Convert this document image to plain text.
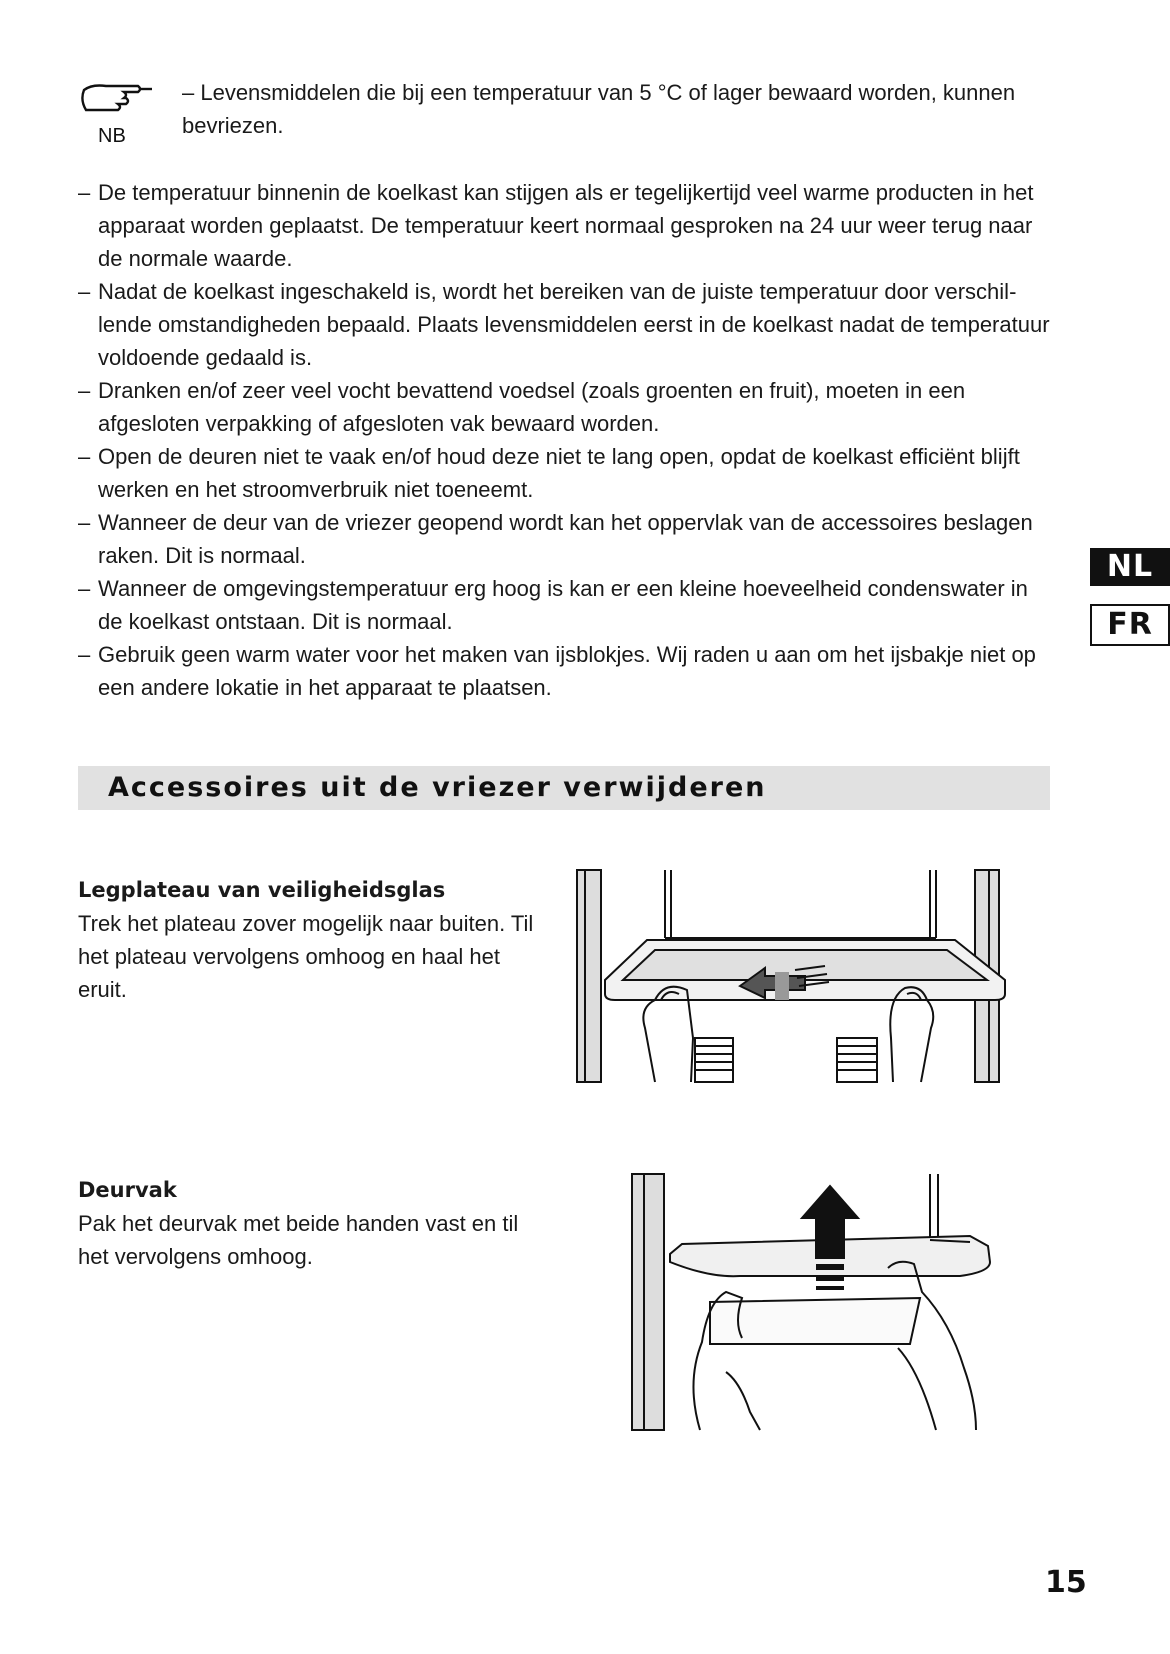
NB
– Levensmiddelen die bij een temperatuur van 5 °C of lager bewaard worden, kunnen bevriezen.
– De temperatuur binnenin de koelkast kan stijgen als er tegelijkertijd veel warme producten in het apparaat worden geplaatst. De temperatuur keert normaal gesproken na 24 uur weer terug naar de normale waarde.
– Nadat de koelkast ingeschakeld is, wordt het bereiken van de juiste temperatuur door verschillende omstandigheden bepaald. Plaats levensmiddelen eerst in de koelkast nadat de temperatuur voldoende gedaald is.
– Dranken en/of zeer veel vocht bevattend voedsel (zoals groenten en fruit), moeten in een afgesloten verpakking of afgesloten vak bewaard worden.
– Open de deuren niet te vaak en/of houd deze niet te lang open, opdat de koelkast efficiënt blijft werken en het stroomverbruik niet toeneemt.
– Wanneer de deur van de vriezer geopend wordt kan het oppervlak van de accessoires beslagen raken. Dit is normaal.
– Wanneer de omgevingstemperatuur erg hoog is kan er een kleine hoeveelheid condenswater in de koelkast ontstaan. Dit is normaal.
– Gebruik geen warm water voor het maken van ijsblokjes. Wij raden u aan om het ijsbakje niet op een andere lokatie in het apparaat te plaatsen.
NL
FR
Accessoires uit de vriezer verwijderen
Legplateau van veiligheidsglas
Trek het plateau zover mogelijk naar buiten. Til het plateau vervolgens omhoog en haal het eruit.
Deurvak
Pak het deurvak met beide handen vast en til het vervolgens omhoog.
15
